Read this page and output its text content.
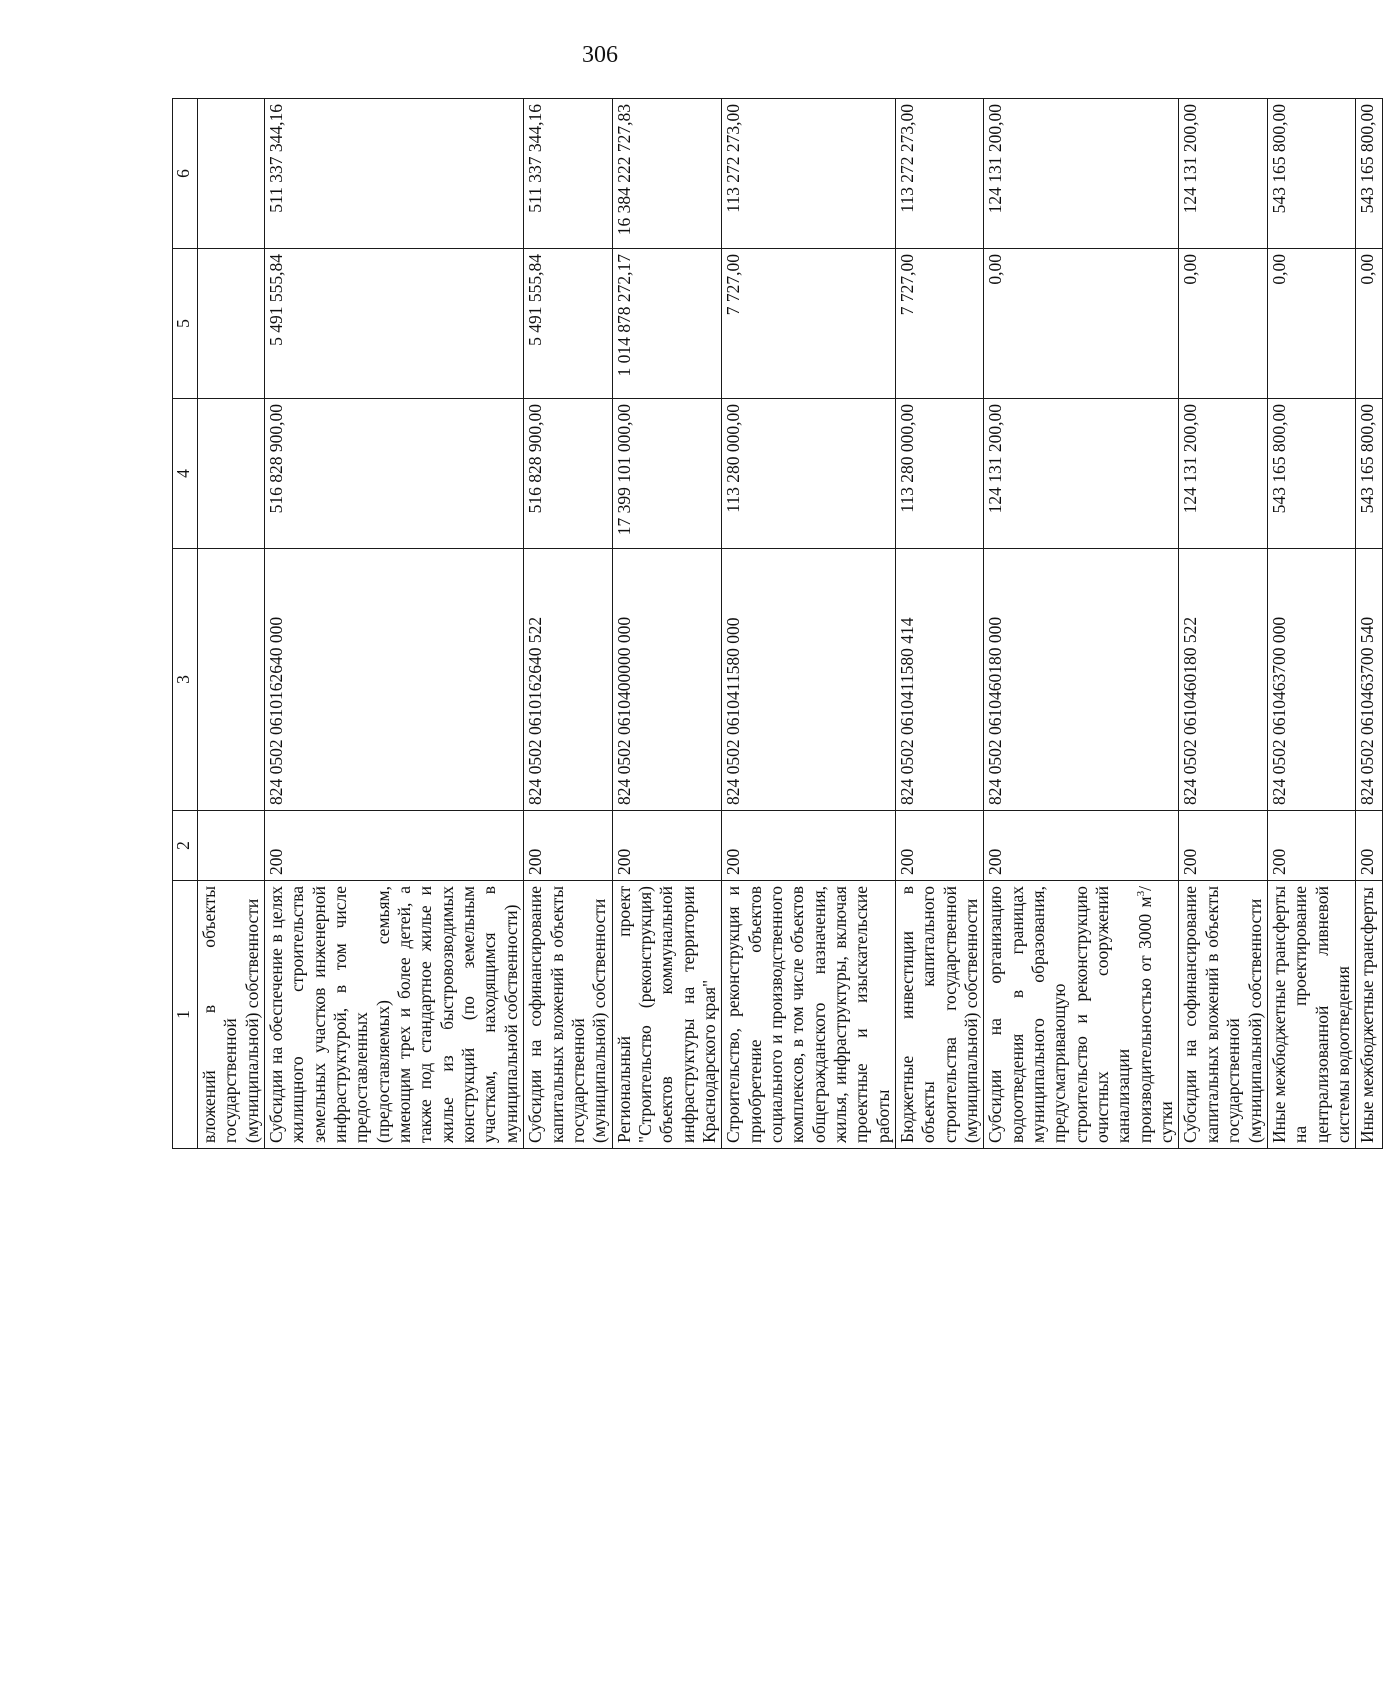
306
1	2	3	4	5	6
вложений в объекты государственной (муниципальной) собственности					
Субсидии на обеспечение в целях жилищного строительства земельных участков инженерной инфраструктурой, в том числе предоставленных (предоставляемых) семьям, имеющим трех и более детей, а также под стандартное жилье и жилье из быстровозводимых конструкций (по земельным участкам, находящимся в муниципальной собственности)	200	824 0502 0610162640 000	516 828 900,00	5 491 555,84	511 337 344,16
Субсидии на софинансирование капитальных вложений в объекты государственной (муниципальной) собственности	200	824 0502 0610162640 522	516 828 900,00	5 491 555,84	511 337 344,16
Региональный проект "Строительство (реконструкция) объектов коммунальной инфраструктуры на территории Краснодарского края"	200	824 0502 0610400000 000	17 399 101 000,00	1 014 878 272,17	16 384 222 727,83
Строительство, реконструкция и приобретение объектов социального и производственного комплексов, в том числе объектов общегражданского назначения, жилья, инфраструктуры, включая проектные и изыскательские работы	200	824 0502 0610411580 000	113 280 000,00	7 727,00	113 272 273,00
Бюджетные инвестиции в объекты капитального строительства государственной (муниципальной) собственности	200	824 0502 0610411580 414	113 280 000,00	7 727,00	113 272 273,00
Субсидии на организацию водоотведения в границах муниципального образования, предусматривающую строительство и реконструкцию очистных сооружений канализации производительностью от 3000 $м^3$/сутки	200	824 0502 0610460180 000	124 131 200,00	0,00	124 131 200,00
Субсидии на софинансирование капитальных вложений в объекты государственной (муниципальной) собственности	200	824 0502 0610460180 522	124 131 200,00	0,00	124 131 200,00
Иные межбюджетные трансферты на проектирование централизованной ливневой системы водоотведения	200	824 0502 0610463700 000	543 165 800,00	0,00	543 165 800,00
Иные межбюджетные трансферты	200	824 0502 0610463700 540	543 165 800,00	0,00	543 165 800,00
